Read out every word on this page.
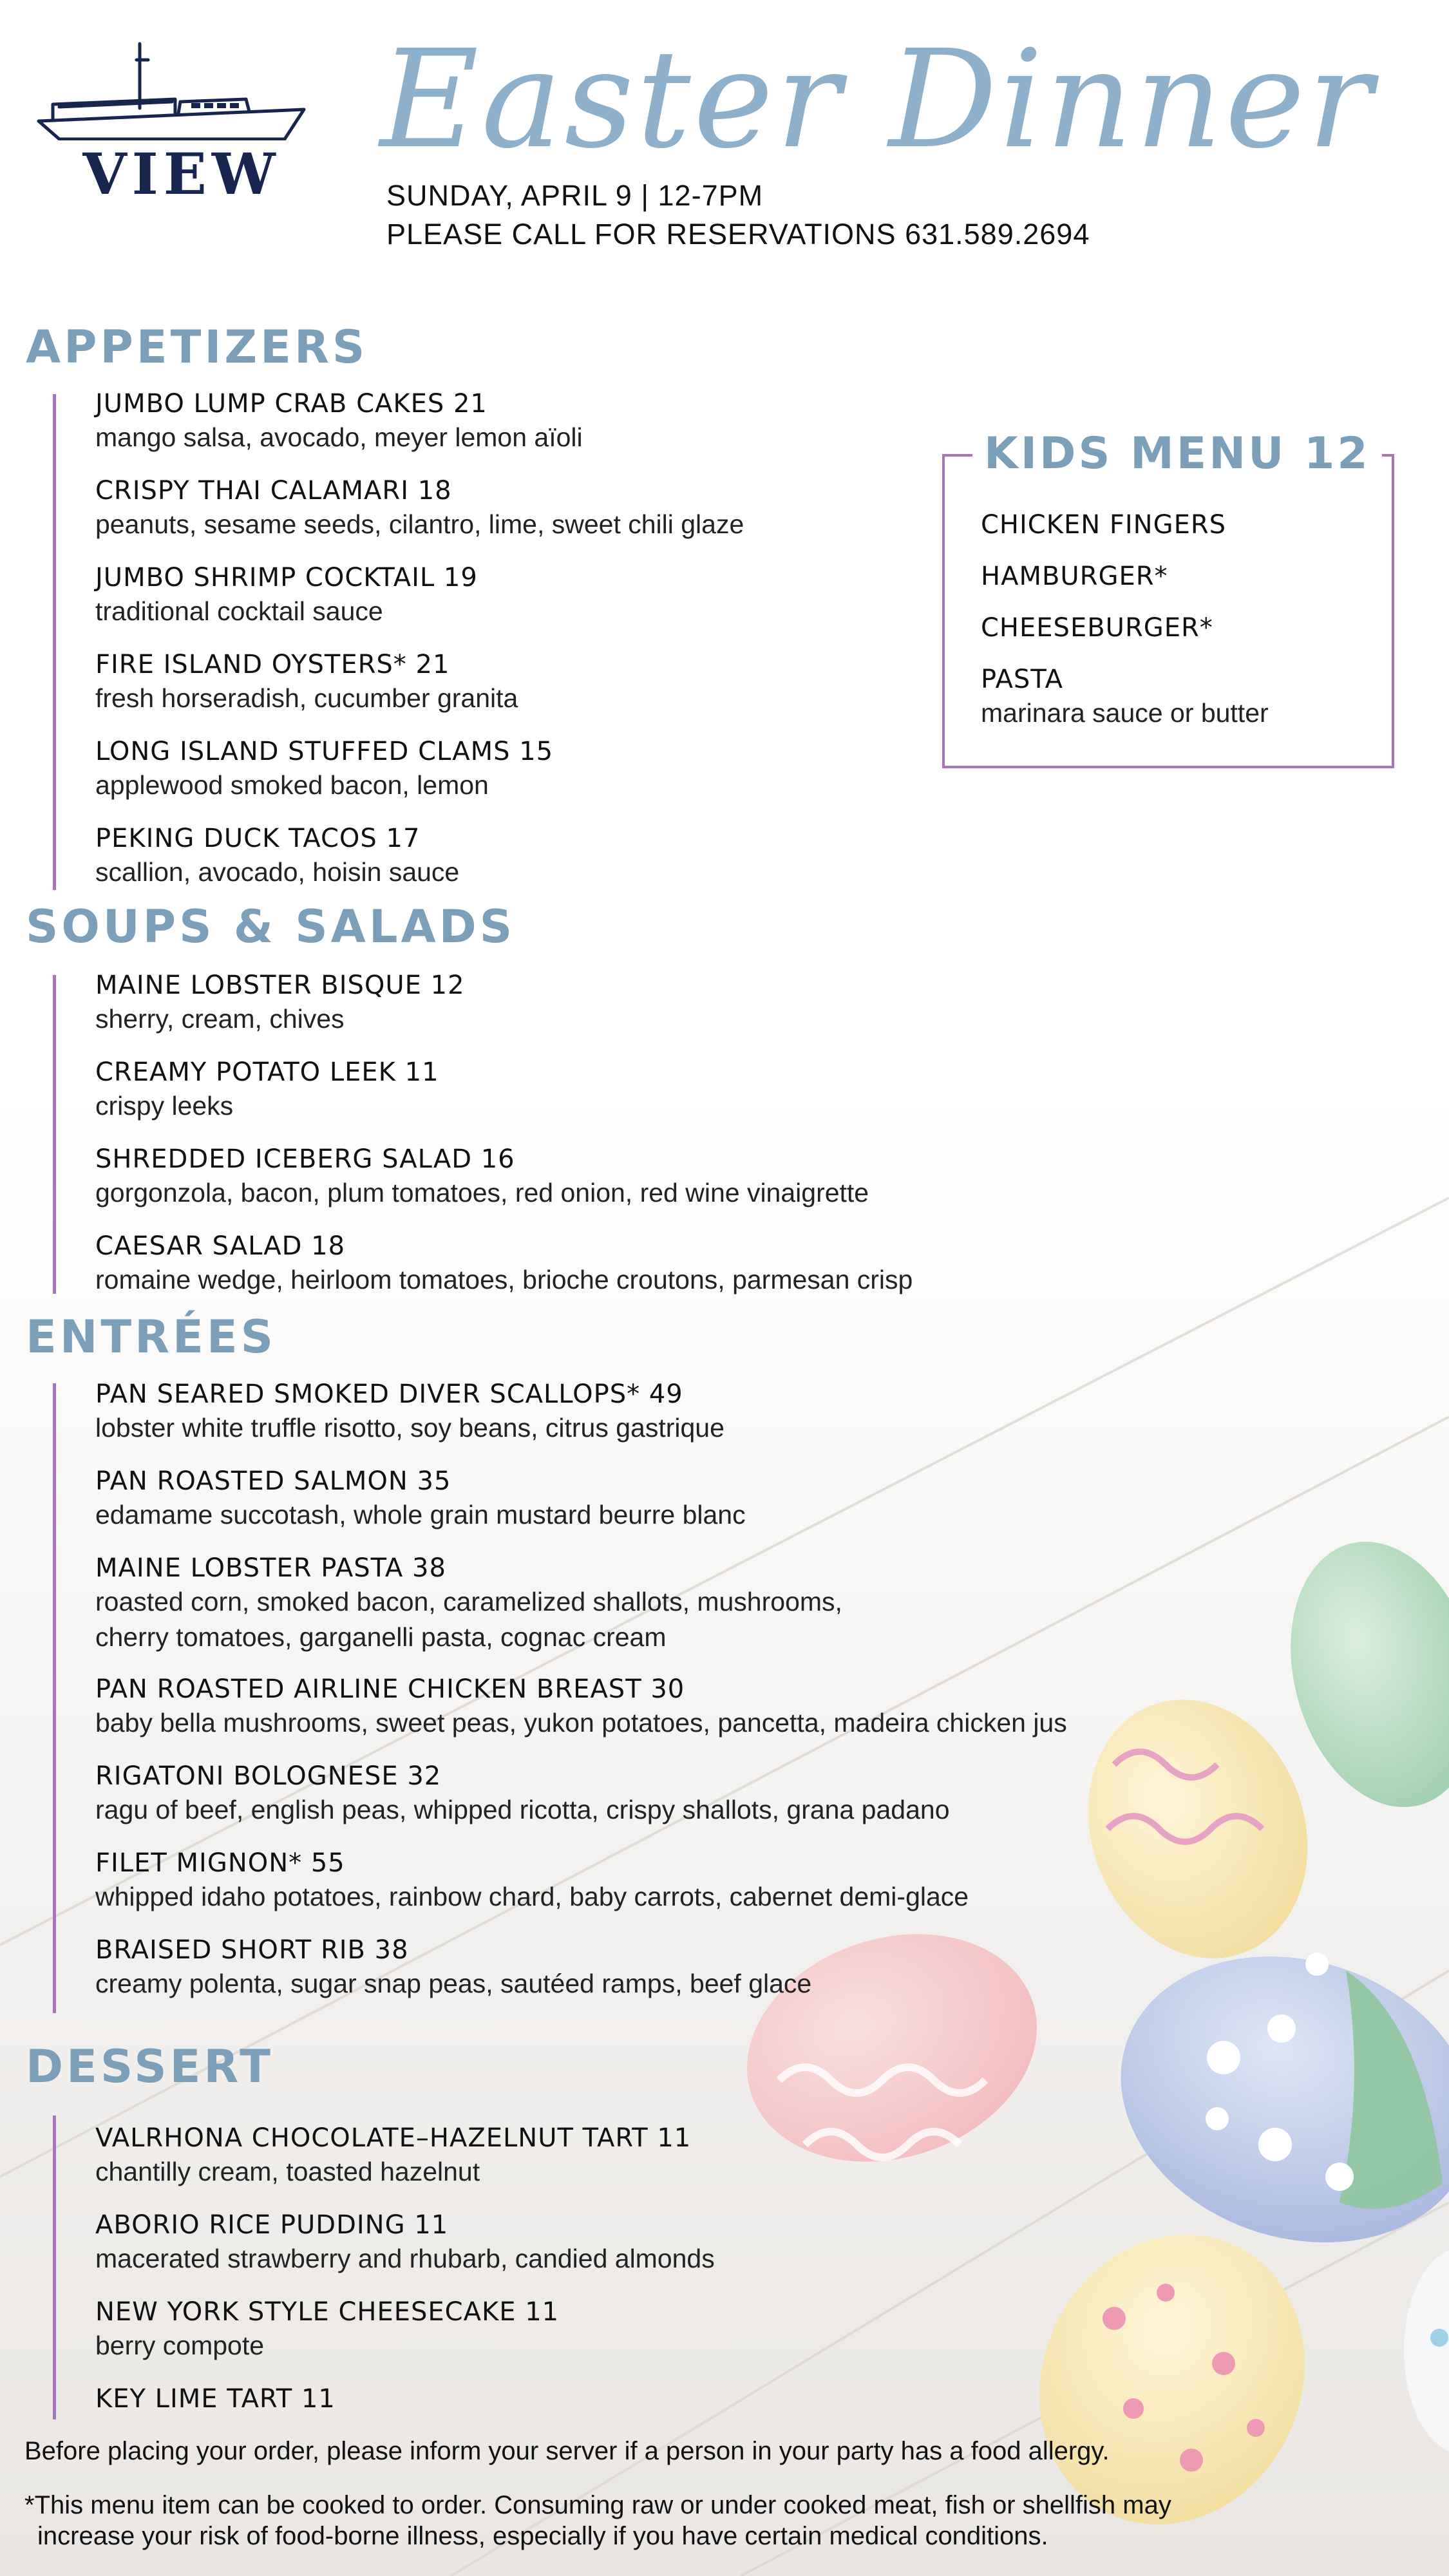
VIEW Easter Dinner
SUNDAY, APRIL 9 | 12-7PM
PLEASE CALL FOR RESERVATIONS 631.589.2694
APPETIZERS
JUMBO LUMP CRAB CAKES 21
mango salsa, avocado, meyer lemon aïoli
CRISPY THAI CALAMARI 18
peanuts, sesame seeds, cilantro, lime, sweet chili glaze
JUMBO SHRIMP COCKTAIL 19
traditional cocktail sauce
FIRE ISLAND OYSTERS* 21
fresh horseradish, cucumber granita
LONG ISLAND STUFFED CLAMS 15
applewood smoked bacon, lemon
PEKING DUCK TACOS 17
scallion, avocado, hoisin sauce
KIDS MENU 12
CHICKEN FINGERS
HAMBURGER*
CHEESEBURGER*
PASTA
marinara sauce or butter
SOUPS & SALADS
MAINE LOBSTER BISQUE 12
sherry, cream, chives
CREAMY POTATO LEEK 11
crispy leeks
SHREDDED ICEBERG SALAD 16
gorgonzola, bacon, plum tomatoes, red onion, red wine vinaigrette
CAESAR SALAD 18
romaine wedge, heirloom tomatoes, brioche croutons, parmesan crisp
ENTRÉES
PAN SEARED SMOKED DIVER SCALLOPS* 49
lobster white truffle risotto, soy beans, citrus gastrique
PAN ROASTED SALMON 35
edamame succotash, whole grain mustard beurre blanc
MAINE LOBSTER PASTA 38
roasted corn, smoked bacon, caramelized shallots, mushrooms,
cherry tomatoes, garganelli pasta, cognac cream
PAN ROASTED AIRLINE CHICKEN BREAST 30
baby bella mushrooms, sweet peas, yukon potatoes, pancetta, madeira chicken jus
RIGATONI BOLOGNESE 32
ragu of beef, english peas, whipped ricotta, crispy shallots, grana padano
FILET MIGNON* 55
whipped idaho potatoes, rainbow chard, baby carrots, cabernet demi-glace
BRAISED SHORT RIB 38
creamy polenta, sugar snap peas, sautéed ramps, beef glace
DESSERT
VALRHONA CHOCOLATE–HAZELNUT TART 11
chantilly cream, toasted hazelnut
ABORIO RICE PUDDING 11
macerated strawberry and rhubarb, candied almonds
NEW YORK STYLE CHEESECAKE 11
berry compote
KEY LIME TART 11
Before placing your order, please inform your server if a person in your party has a food allergy.
*This menu item can be cooked to order. Consuming raw or under cooked meat, fish or shellfish may
increase your risk of food-borne illness, especially if you have certain medical conditions.
